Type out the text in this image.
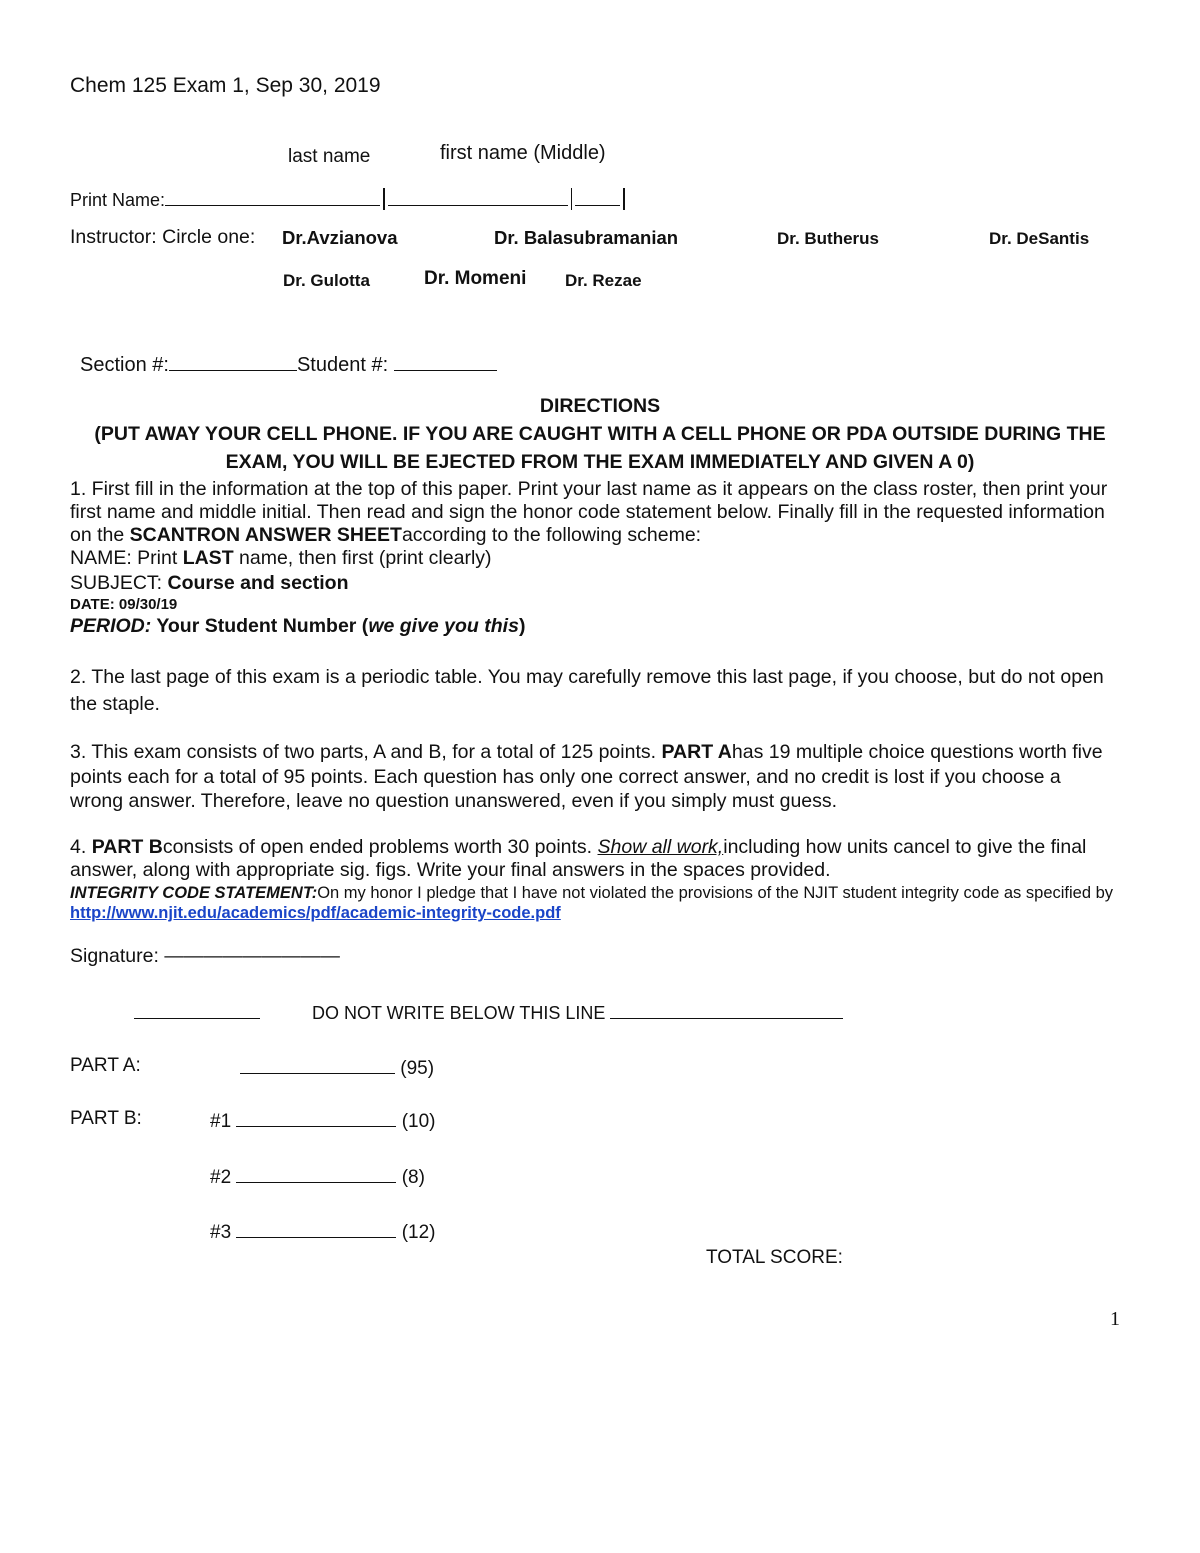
Chem 125 Exam 1, Sep 30, 2019
last name	first name (Middle)
Print Name:
Instructor: Circle one: Dr.Avzianova	Dr. Balasubramanian	Dr. Butherus	Dr. DeSantis
Dr. Gulotta	Dr. Momeni Dr. Rezae
Section #:	Student #:
DIRECTIONS
(PUT AWAY YOUR CELL PHONE. IF YOU ARE CAUGHT WITH A CELL PHONE OR PDA OUTSIDE DURING THE
EXAM, YOU WILL BE EJECTED FROM THE EXAM IMMEDIATELY AND GIVEN A 0)

1. First fill in the information at the top of this paper. Print your last name as it appears on the class roster, then print your first name and middle initial. Then read and sign the honor code statement below. Finally fill in the requested information on the SCANTRON ANSWER SHEETaccording to the following scheme:

NAME: Print LAST name, then first (print clearly)

SUBJECT: Course and section

DATE: 09/30/19

PERIOD: Your Student Number (we give you this)

2. The last page of this exam is a periodic table. You may carefully remove this last page, if you choose, but do not open the staple.

3. This exam consists of two parts, A and B, for a total of 125 points. PART Ahas 19 multiple choice questions worth five points each for a total of 95 points. Each question has only one correct answer, and no credit is lost if you choose a wrong answer. Therefore, leave no question unanswered, even if you simply must guess.

4. PART Bconsists of open ended problems worth 30 points. Show all work,including how units cancel to give the final answer, along with appropriate sig. figs. Write your final answers in the spaces provided.

INTEGRITY CODE STATEMENT:On my honor I pledge that I have not violated the provisions of the NJIT student integrity code as specified by http://www.njit.edu/academics/pdf/academic-integrity-code.pdf

Signature: —————————
DO NOT WRITE BELOW THIS LINE
PART A:	(95)
PART B:	#1	(10)
#2	(8)
#3	(12)
TOTAL SCORE:
1
